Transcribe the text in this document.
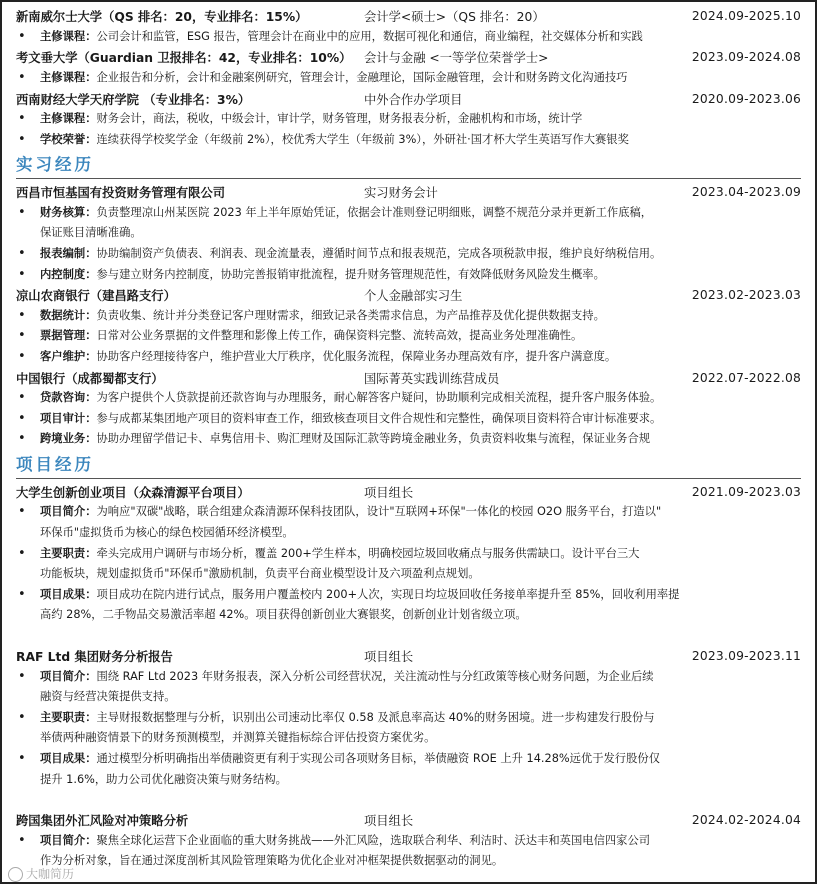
新南威尔士大学（QS 排名：20，专业排名：15%）	会计学<硕士>（QS 排名：20）	2024.09-2025.10
•	主修课程：公司会计和监管，ESG 报告，管理会计在商业中的应用，数据可视化和通信，商业编程，社交媒体分析和实践
考文垂大学（Guardian 卫报排名：42，专业排名：10%）	会计与金融 <一等学位荣誉学士>	2023.09-2024.08
•	主修课程：企业报告和分析，会计和金融案例研究，管理会计，金融理论，国际金融管理，会计和财务跨文化沟通技巧
西南财经大学天府学院 （专业排名：3%）	中外合作办学项目	2020.09-2023.06
•	主修课程：财务会计，商法，税收，中级会计，审计学，财务管理，财务报表分析，金融机构和市场，统计学
•	学校荣誉：连续获得学校奖学金（年级前 2%），校优秀大学生（年级前 3%），外研社·国才杯大学生英语写作大赛银奖
实习经历
西昌市恒基国有投资财务管理有限公司	实习财务会计	2023.04-2023.09
•	财务核算：负责整理凉山州某医院 2023 年上半年原始凭证，依据会计准则登记明细账，调整不规范分录并更新工作底稿，
保证账目清晰准确。
•	报表编制：协助编制资产负债表、利润表、现金流量表，遵循时间节点和报表规范，完成各项税款申报，维护良好纳税信用。
•	内控制度：参与建立财务内控制度，协助完善报销审批流程，提升财务管理规范性，有效降低财务风险发生概率。
凉山农商银行（建昌路支行）	个人金融部实习生	2023.02-2023.03
•	数据统计：负责收集、统计并分类登记客户理财需求，细致记录各类需求信息，为产品推荐及优化提供数据支持。
•	票据管理：日常对公业务票据的文件整理和影像上传工作，确保资料完整、流转高效，提高业务处理准确性。
•	客户维护：协助客户经理接待客户，维护营业大厅秩序，优化服务流程，保障业务办理高效有序，提升客户满意度。
中国银行（成都蜀都支行）	国际菁英实践训练营成员	2022.07-2022.08
•	贷款咨询：为客户提供个人贷款提前还款咨询与办理服务，耐心解答客户疑问，协助顺利完成相关流程，提升客户服务体验。
•	项目审计：参与成都某集团地产项目的资料审查工作，细致核查项目文件合规性和完整性，确保项目资料符合审计标准要求。
•	跨境业务：协助办理留学借记卡、卓隽信用卡、购汇理财及国际汇款等跨境金融业务，负责资料收集与流程，保证业务合规
项目经历
大学生创新创业项目（众森清源平台项目）	项目组长	2021.09-2023.03
•	项目简介：为响应"双碳"战略，联合组建众森清源环保科技团队，设计"互联网+环保"一体化的校园 O2O 服务平台，打造以"
环保币"虚拟货币为核心的绿色校园循环经济模型。
•	主要职责：牵头完成用户调研与市场分析，覆盖 200+学生样本，明确校园垃圾回收痛点与服务供需缺口。设计平台三大
功能板块，规划虚拟货币"环保币"激励机制，负责平台商业模型设计及六项盈利点规划。
•	项目成果：项目成功在院内进行试点，服务用户覆盖校内 200+人次，实现日均垃圾回收任务接单率提升至 85%，回收利用率提
高约 28%，二手物品交易激活率超 42%。项目获得创新创业大赛银奖，创新创业计划省级立项。
RAF Ltd 集团财务分析报告	项目组长	2023.09-2023.11
•	项目简介：围绕 RAF Ltd 2023 年财务报表，深入分析公司经营状况，关注流动性与分红政策等核心财务问题，为企业后续
融资与经营决策提供支持。
•	主要职责：主导财报数据整理与分析，识别出公司速动比率仅 0.58 及派息率高达 40%的财务困境。进一步构建发行股份与
举债两种融资情景下的财务预测模型，并测算关键指标综合评估投资方案优劣。
•	项目成果：通过模型分析明确指出举债融资更有利于实现公司各项财务目标，举债融资 ROE 上升 14.28%远优于发行股份仅
提升 1.6%，助力公司优化融资决策与财务结构。
跨国集团外汇风险对冲策略分析	项目组长	2024.02-2024.04
•	项目简介：聚焦全球化运营下企业面临的重大财务挑战——外汇风险，选取联合利华、利洁时、沃达丰和英国电信四家公司
作为分析对象，旨在通过深度剖析其风险管理策略为优化企业对冲框架提供数据驱动的洞见。
大咖简历
